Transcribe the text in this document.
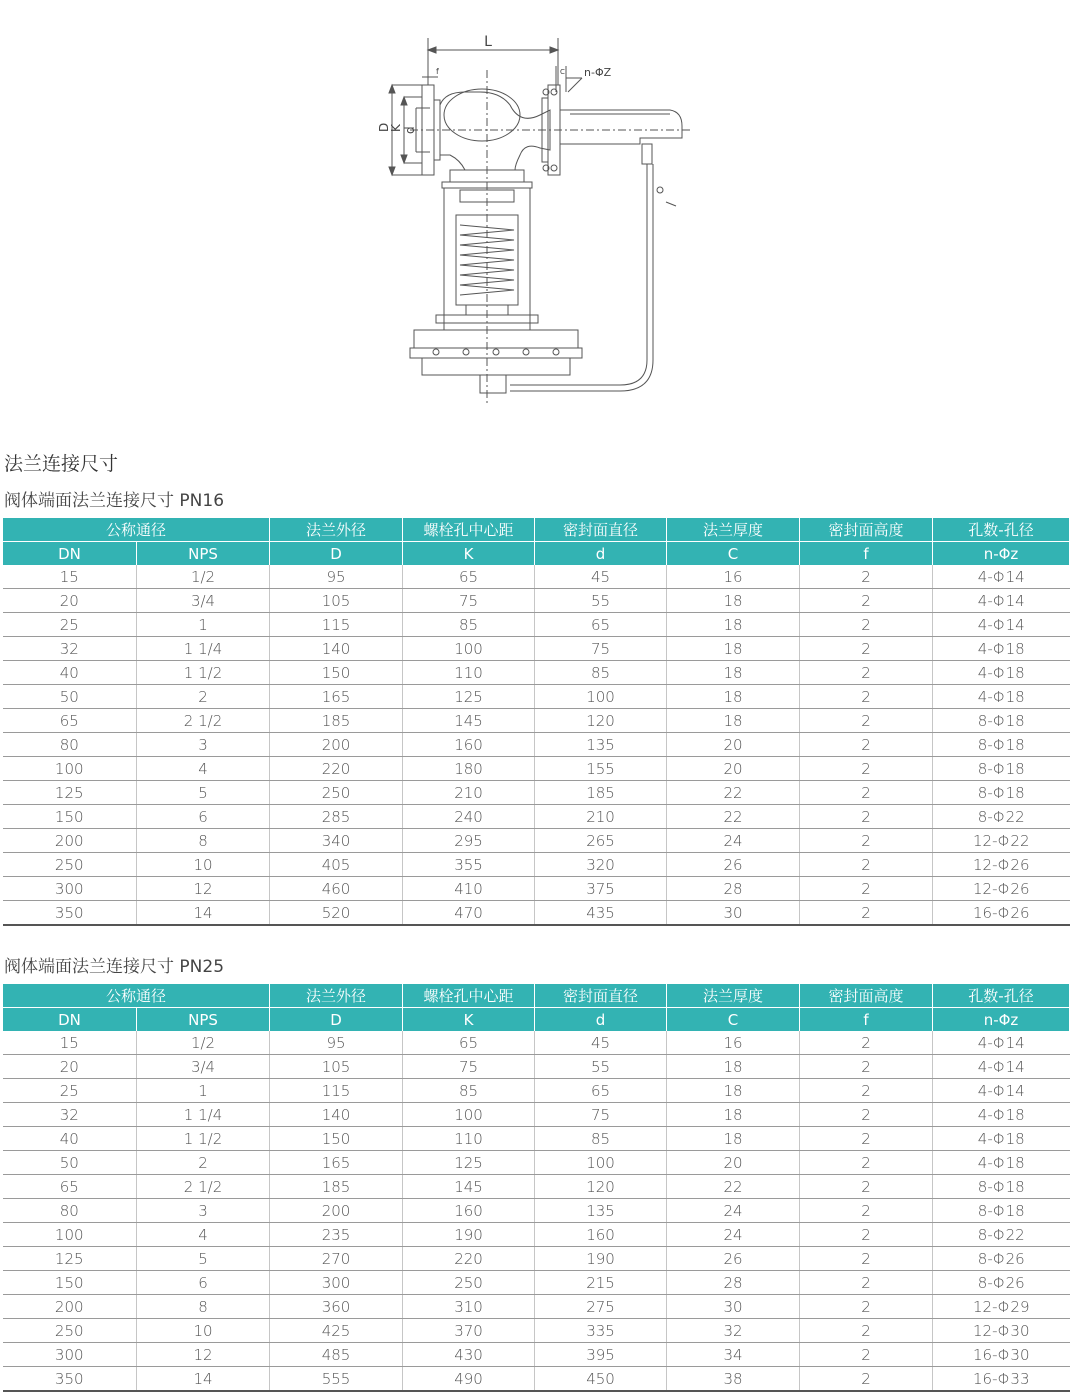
L
f	C n-ΦZ
D
K d
法兰连接尺寸
阀体端面法兰连接尺寸 PN16
阀体端面法兰连接尺寸 PN25
公称通径		法兰外径	螺栓孔中心距	密封面直径	法兰厚度	密封面高度	孔数-孔径
DN	NPS	D	K	d	C	f	n-Φz
15	1/2	95	65	45	16	2	4-Φ14
20	3/4	105	75	55	18	2	4-Φ14
25	1	115	85	65	18	2	4-Φ14
32	1 1/4	140	100	75	18	2	4-Φ18
40	1 1/2	150	110	85	18	2	4-Φ18
50	2	165	125	100	18	2	4-Φ18
65	2 1/2	185	145	120	18	2	8-Φ18
80	3	200	160	135	20	2	8-Φ18
100	4	220	180	155	20	2	8-Φ18
125	5	250	210	185	22	2	8-Φ18
150	6	285	240	210	22	2	8-Φ22
200	8	340	295	265	24	2	12-Φ22
250	10	405	355	320	26	2	12-Φ26
300	12	460	410	375	28	2	12-Φ26
350	14	520	470	435	30	2	16-Φ26
公称通径		法兰外径	螺栓孔中心距	密封面直径	法兰厚度	密封面高度	孔数-孔径
DN	NPS	D	K	d	C	f	n-Φz
15	1/2	95	65	45	16	2	4-Φ14
20	3/4	105	75	55	18	2	4-Φ14
25	1	115	85	65	18	2	4-Φ14
32	1 1/4	140	100	75	18	2	4-Φ18
40	1 1/2	150	110	85	18	2	4-Φ18
50	2	165	125	100	20	2	4-Φ18
65	2 1/2	185	145	120	22	2	8-Φ18
80	3	200	160	135	24	2	8-Φ18
100	4	235	190	160	24	2	8-Φ22
125	5	270	220	190	26	2	8-Φ26
150	6	300	250	215	28	2	8-Φ26
200	8	360	310	275	30	2	12-Φ29
250	10	425	370	335	32	2	12-Φ30
300	12	485	430	395	34	2	16-Φ30
350	14	555	490	450	38	2	16-Φ33
